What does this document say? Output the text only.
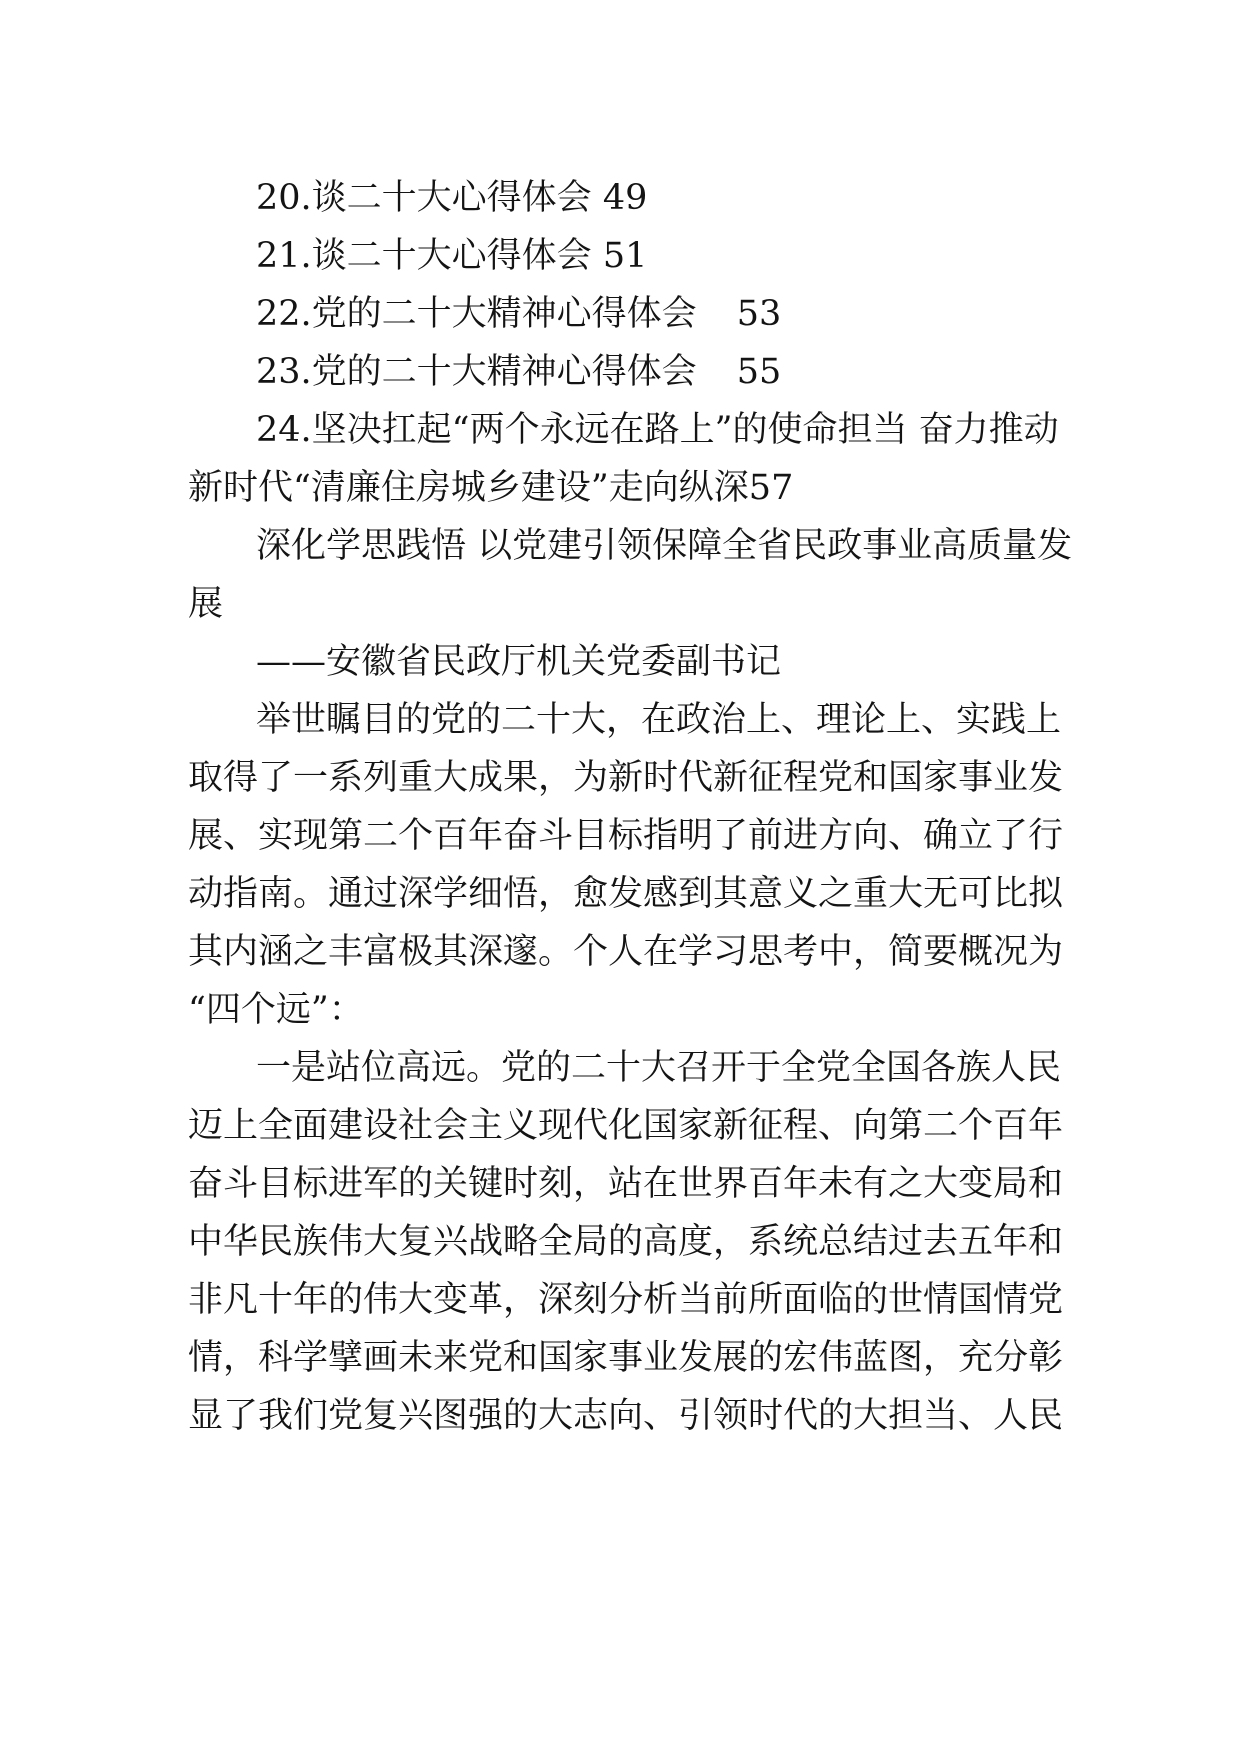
20.谈二十大心得体会 49
21.谈二十大心得体会 51
22.党的二十大精神心得体会 53
23.党的二十大精神心得体会 55
24.坚决扛起“两个永远在路上”的使命担当 奋力推动
新时代“清廉住房城乡建设”走向纵深57
深化学思践悟 以党建引领保障全省民政事业高质量发
展
——安徽省民政厅机关党委副书记
举世瞩目的党的二十大，在政治上、理论上、实践上
取得了一系列重大成果，为新时代新征程党和国家事业发
展、实现第二个百年奋斗目标指明了前进方向、确立了行
动指南。通过深学细悟，愈发感到其意义之重大无可比拟
其内涵之丰富极其深邃。个人在学习思考中，简要概况为
“四个远”：
一是站位高远。党的二十大召开于全党全国各族人民
迈上全面建设社会主义现代化国家新征程、向第二个百年
奋斗目标进军的关键时刻，站在世界百年未有之大变局和
中华民族伟大复兴战略全局的高度，系统总结过去五年和
非凡十年的伟大变革，深刻分析当前所面临的世情国情党
情，科学擘画未来党和国家事业发展的宏伟蓝图，充分彰
显了我们党复兴图强的大志向、引领时代的大担当、人民
